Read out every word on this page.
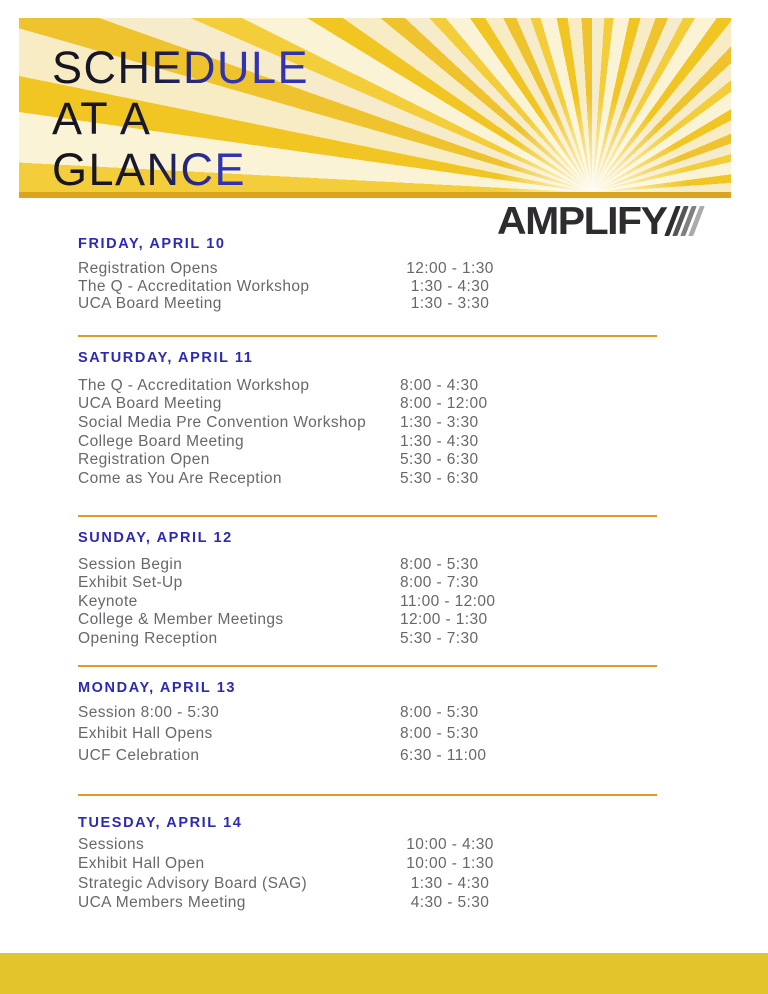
SCHEDULE
AT A
GLANCE
AMPLIFY
FRIDAY, APRIL 10
Registration Opens	12:00 - 1:30
The Q - Accreditation Workshop	1:30 - 4:30
UCA Board Meeting	1:30 - 3:30
SATURDAY, APRIL 11
The Q - Accreditation Workshop	8:00 - 4:30
UCA Board Meeting	8:00 - 12:00
Social Media Pre Convention Workshop	1:30 - 3:30
College Board Meeting	1:30 - 4:30
Registration Open	5:30 - 6:30
Come as You Are Reception	5:30 - 6:30
SUNDAY, APRIL 12
Session Begin	8:00 - 5:30
Exhibit Set-Up	8:00 - 7:30
Keynote	11:00 - 12:00
College & Member Meetings	12:00 - 1:30
Opening Reception	5:30 - 7:30
MONDAY, APRIL 13
Session 8:00 - 5:30	8:00 - 5:30
Exhibit Hall Opens	8:00 - 5:30
UCF Celebration	6:30 - 11:00
TUESDAY, APRIL 14
Sessions	10:00 - 4:30
Exhibit Hall Open	10:00 - 1:30
Strategic Advisory Board (SAG)	1:30 - 4:30
UCA Members Meeting	4:30 - 5:30
